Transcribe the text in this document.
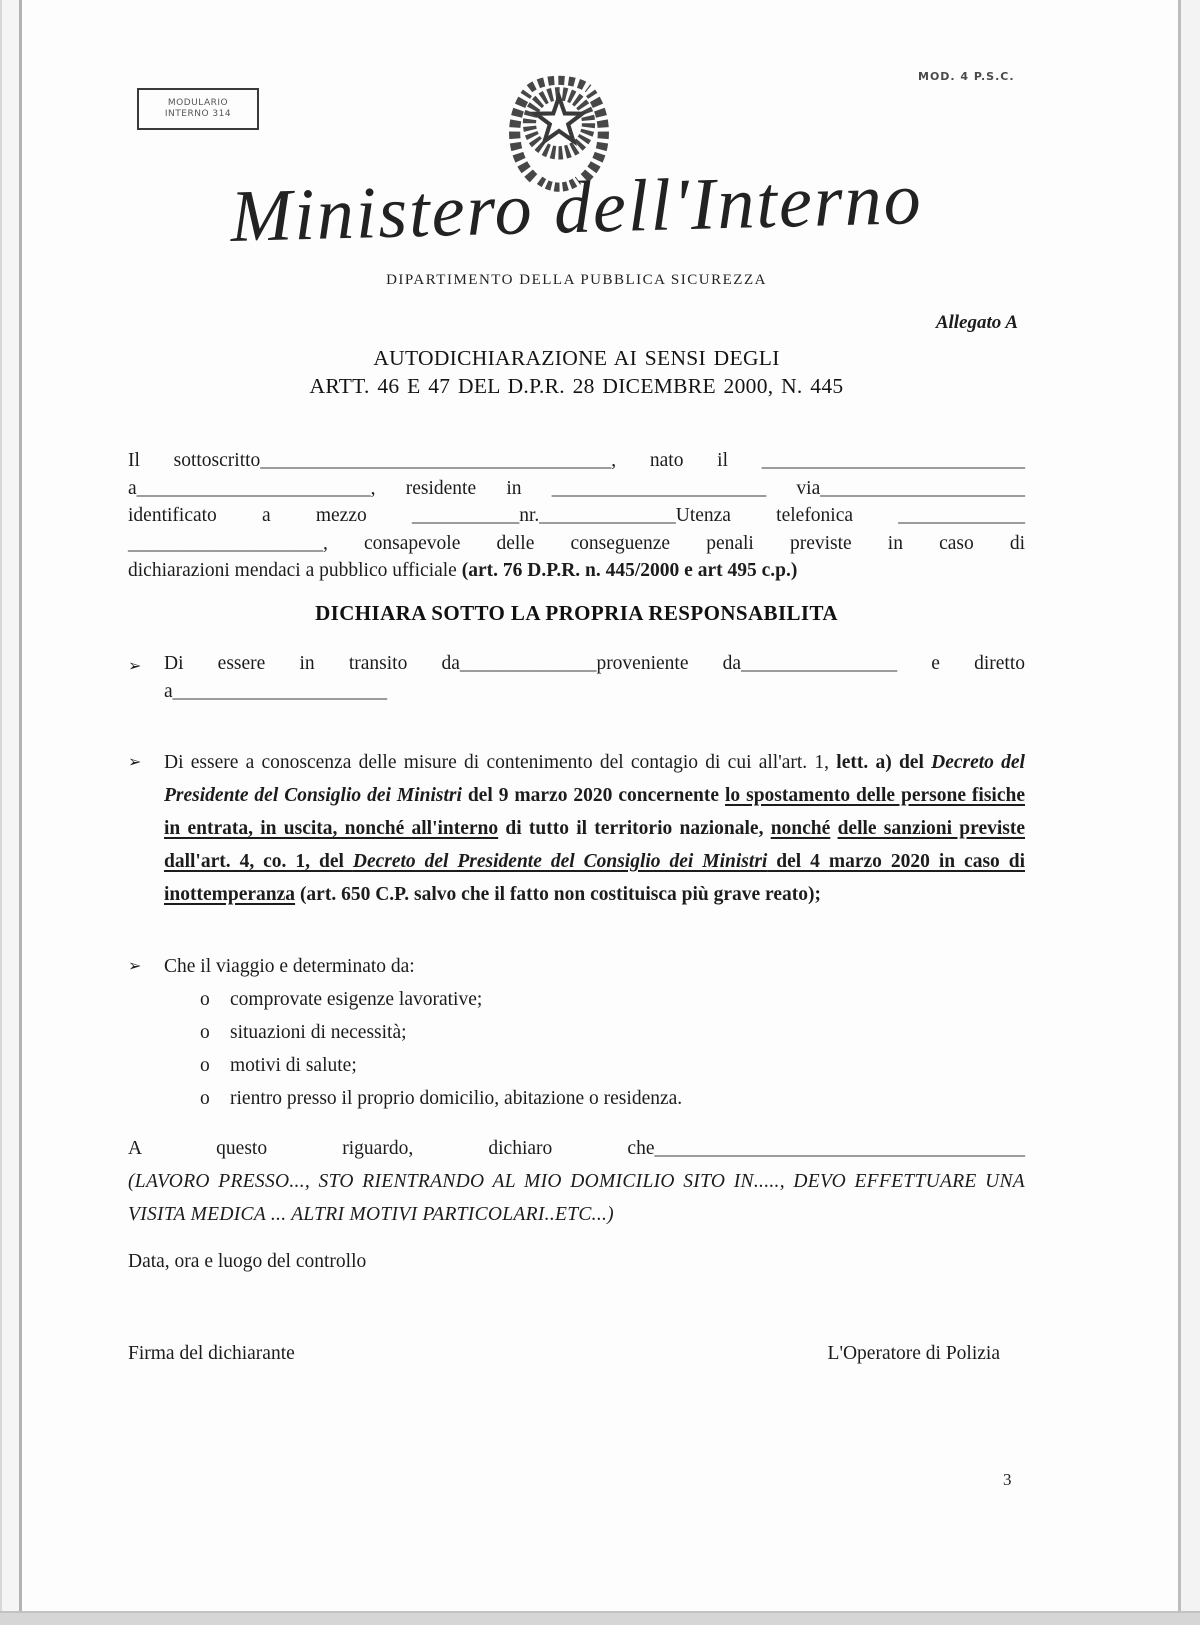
MODULARIO
INTERNO 314
MOD. 4 P.S.C.
Ministero dell'Interno
DIPARTIMENTO DELLA PUBBLICA SICUREZZA
Allegato A
AUTODICHIARAZIONE AI SENSI DEGLI
ARTT. 46 E 47 DEL D.P.R. 28 DICEMBRE 2000, N. 445
Il sottoscritto____________________________________, nato il ___________________________
a________________________, residente in ______________________ via_____________________
identificato a mezzo ___________nr.______________Utenza telefonica _____________
____________________, consapevole delle conseguenze penali previste in caso di
dichiarazioni mendaci a pubblico ufficiale (art. 76 D.P.R. n. 445/2000 e art 495 c.p.)
DICHIARA SOTTO LA PROPRIA RESPONSABILITA
➢	Di essere in transito da______________proveniente da________________ e diretto
a______________________
➢	Di essere a conoscenza delle misure di contenimento del contagio di cui all'art. 1, lett. a) del Decreto del Presidente del Consiglio dei Ministri del 9 marzo 2020 concernente lo spostamento delle persone fisiche in entrata, in uscita, nonché all'interno di tutto il territorio nazionale, nonché delle sanzioni previste dall'art. 4, co. 1, del Decreto del Presidente del Consiglio dei Ministri del 4 marzo 2020 in caso di inottemperanza (art. 650 C.P. salvo che il fatto non costituisca più grave reato);
➢	Che il viaggio e determinato da:
o	comprovate esigenze lavorative;
o	situazioni di necessità;
o	motivi di salute;
o	rientro presso il proprio domicilio, abitazione o residenza.
A questo riguardo, dichiaro che______________________________________
(LAVORO PRESSO..., STO RIENTRANDO AL MIO DOMICILIO SITO IN....., DEVO EFFETTUARE UNA VISITA MEDICA ... ALTRI MOTIVI PARTICOLARI..ETC...)
Data, ora e luogo del controllo
Firma del dichiarante	L'Operatore di Polizia
3
